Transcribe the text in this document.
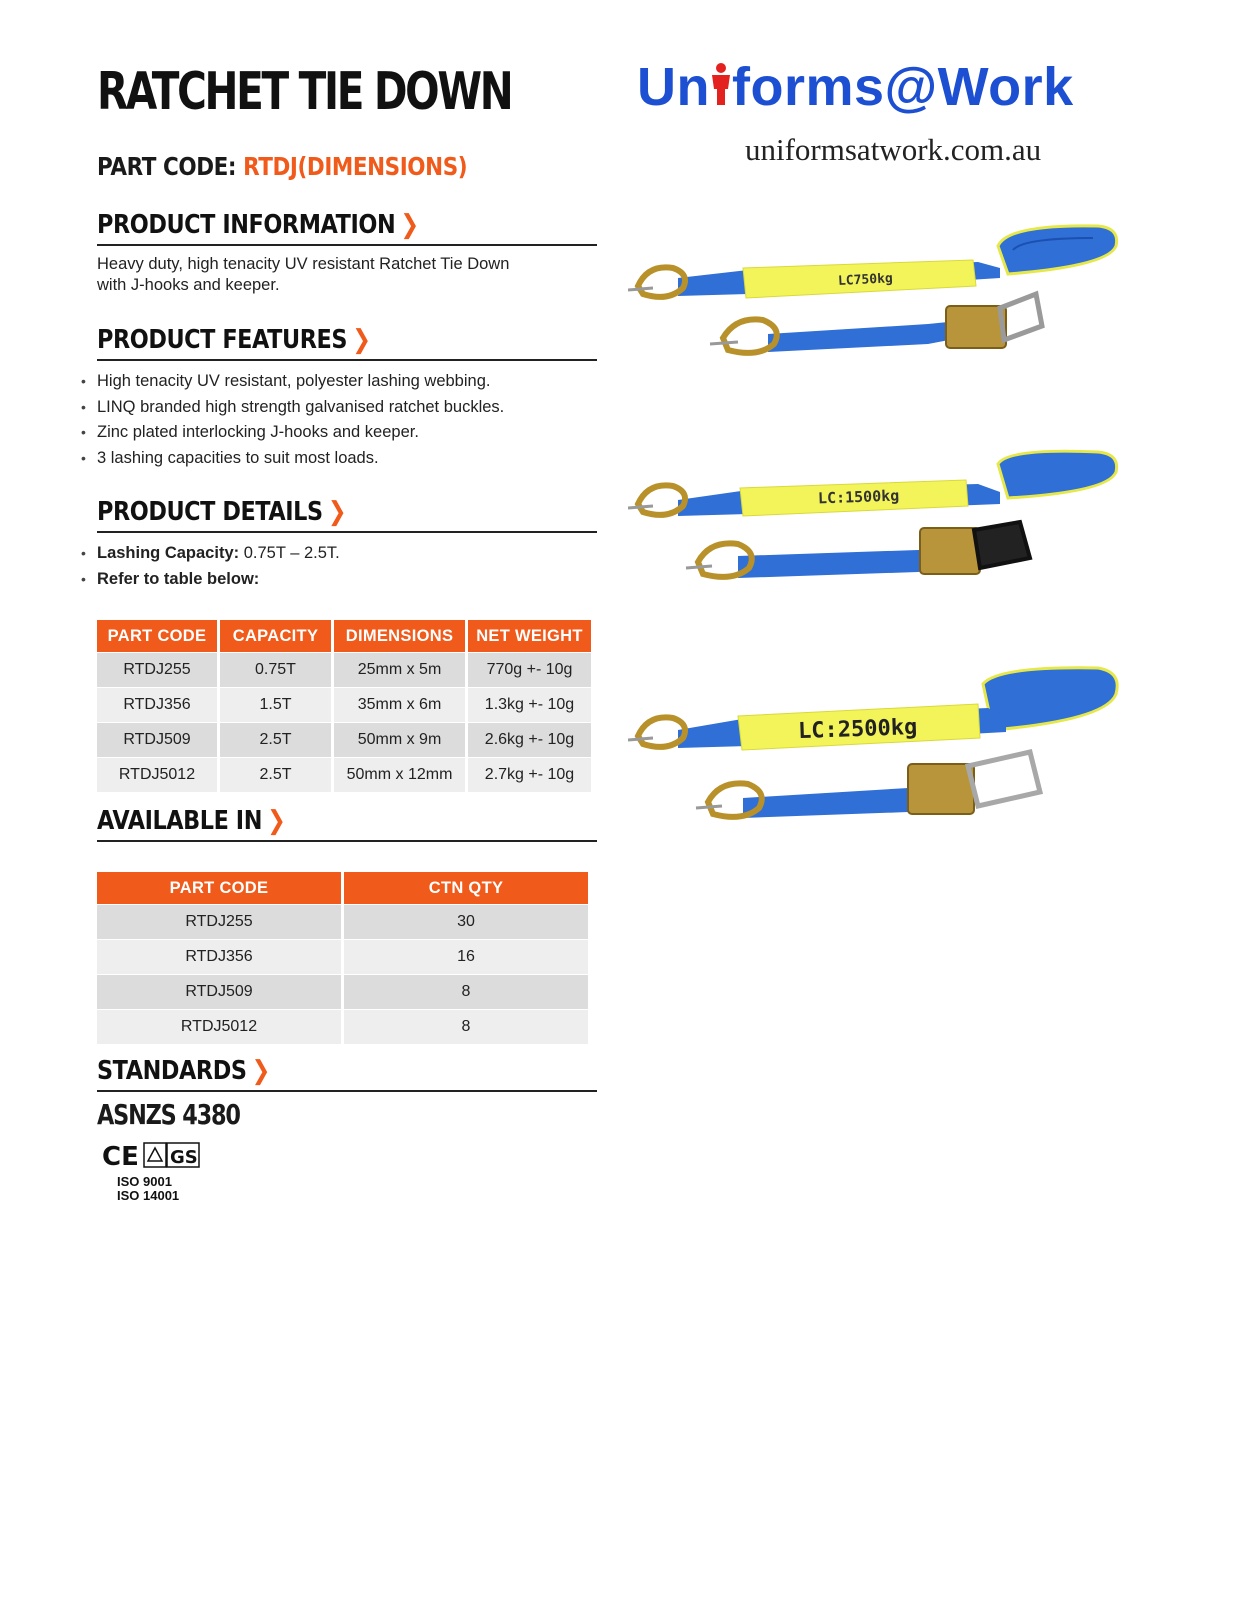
RATCHET TIE DOWN
PART CODE: RTDJ(DIMENSIONS)
Un forms@Work
uniformsatwork.com.au
PRODUCT INFORMATION ❯
Heavy duty, high tenacity UV resistant Ratchet Tie Down
with J-hooks and keeper.
PRODUCT FEATURES ❯
• High tenacity UV resistant, polyester lashing webbing.
• LINQ branded high strength galvanised ratchet buckles.
• Zinc plated interlocking J-hooks and keeper.
• 3 lashing capacities to suit most loads.
PRODUCT DETAILS ❯
• Lashing Capacity: 0.75T – 2.5T.
• Refer to table below:
PART CODE	CAPACITY	DIMENSIONS	NET WEIGHT
RTDJ255	0.75T	25mm x 5m	770g +- 10g
RTDJ356	1.5T	35mm x 6m	1.3kg +- 10g
RTDJ509	2.5T	50mm x 9m	2.6kg +- 10g
RTDJ5012	2.5T	50mm x 12mm	2.7kg +- 10g
AVAILABLE IN ❯
PART CODE	CTN QTY
RTDJ255	30
RTDJ356	16
RTDJ509	8
RTDJ5012	8
STANDARDS ❯
ASNZS 4380
CE GS
ISO 9001
ISO 14001
LC750kg
LC:1500kg
LC:2500kg
